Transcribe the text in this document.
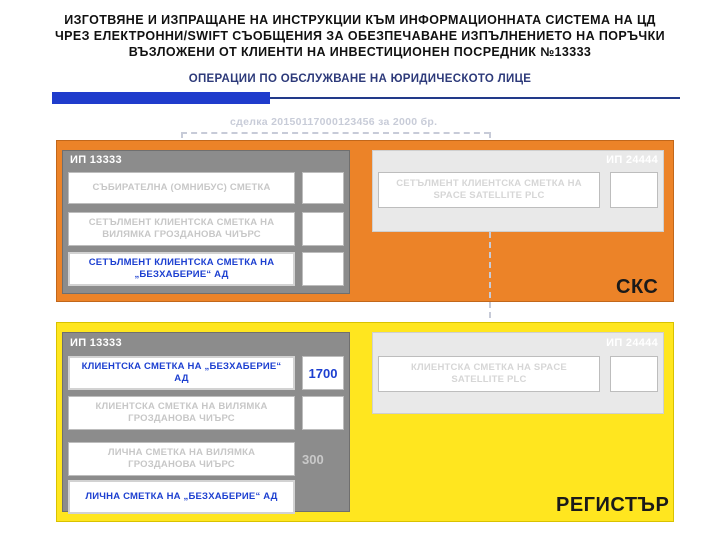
ИЗГОТВЯНЕ И ИЗПРАЩАНЕ НА ИНСТРУКЦИИ КЪМ ИНФОРМАЦИОННАТА СИСТЕМА НА ЦД
ЧРЕЗ ЕЛЕКТРОННИ/SWIFT СЪОБЩЕНИЯ ЗА ОБЕЗПЕЧАВАНЕ ИЗПЪЛНЕНИЕТО НА ПОРЪЧКИ
ВЪЗЛОЖЕНИ ОТ КЛИЕНТИ НА ИНВЕСТИЦИОНЕН ПОСРЕДНИК №13333
ОПЕРАЦИИ ПО ОБСЛУЖВАНЕ НА ЮРИДИЧЕСКОТО ЛИЦЕ
сделка 20150117000123456 за 2000 бр.
ИП 13333
СЪБИРАТЕЛНА (ОМНИБУС) СМЕТКА
СЕТЪЛМЕНТ КЛИЕНТСКА СМЕТКА НА ВИЛЯМКА ГРОЗДАНОВА ЧИЪРС
СЕТЪЛМЕНТ КЛИЕНТСКА СМЕТКА НА „БЕЗХАБЕРИЕ“ АД
ИП 24444
СЕТЪЛМЕНТ КЛИЕНТСКА СМЕТКА НА SPACE SATELLITE PLC
СКС
ИП 13333
КЛИЕНТСКА СМЕТКА НА „БЕЗХАБЕРИЕ“ АД	1700
КЛИЕНТСКА СМЕТКА НА ВИЛЯМКА ГРОЗДАНОВА ЧИЪРС
ЛИЧНА СМЕТКА НА ВИЛЯМКА ГРОЗДАНОВА ЧИЪРС	300
ЛИЧНА СМЕТКА НА „БЕЗХАБЕРИЕ“ АД
ИП 24444
КЛИЕНТСКА СМЕТКА НА SPACE SATELLITE PLC
РЕГИСТЪР
